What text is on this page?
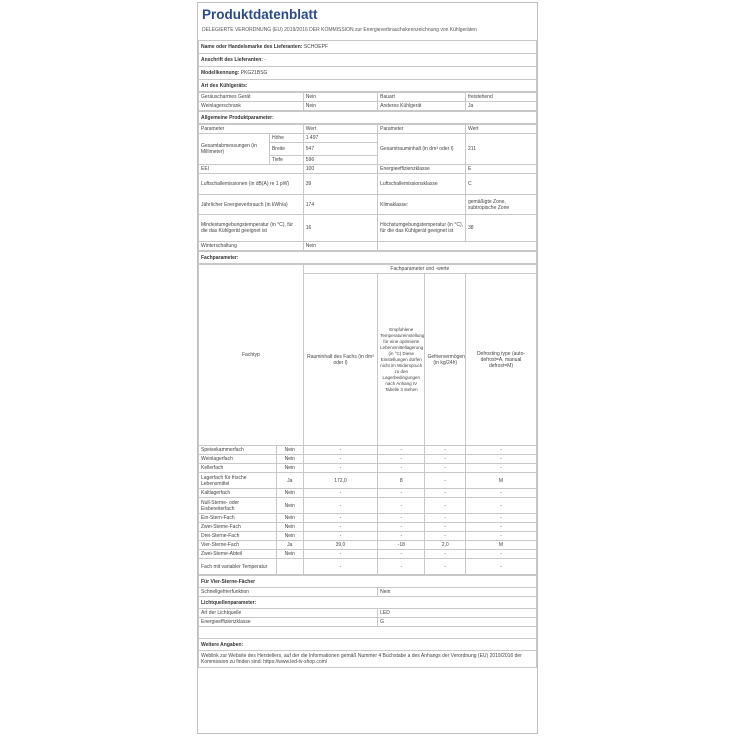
Produktdatenblatt
DELEGIERTE VERORDNUNG (EU) 2019/2016 DER KOMMISSION zur Energieverbrauchskennzeichnung von Kühlgeräten
Name oder Handelsmarke des Lieferanten: SCHOEPF
Anschrift des Lieferanten: -
Modellkennung: PKG21BSG
Art des Kühlgeräts:
Geräuscharmes Gerät	Nein	Bauart	freistehend
Weinlagerschrank	Nein	Anderes Kühlgerät	Ja
Allgemeine Produktparameter:
Parameter		Wert	Parameter	Wert
Gesamtabmessungen (in Millimeter)	Höhe	1 497	Gesamtrauminhalt (in dm³ oder l)	211
	Breite	547		
	Tiefe	596		
EEI		100	Energieeffizienzklasse	E
Luftschallemissionen (in dB(A) re 1 pW)		39	Luftschallemissionsklasse	C
Jährlicher Energieverbrauch (in kWh/a)		174	Klimaklasse:	gemäßigte Zone, subtropische Zone
Mindestumgebungstemperatur (in °C), für die das Kühlgerät geeignet ist		16	Höchstumgebungstemperatur (in °C), für die das Kühlgerät geeignet ist	38
Winterschaltung		Nein		
Fachparameter:
Fachtyp		Fachparameter und -werte			
		Rauminhalt des Fachs (in dm³ oder l)	Empfohlene Temperatureinstellung für eine optimierte Lebensmittellagerung (in °C) Diese Einstellungen dürfen nicht im Widerspruch zu den Lagerbedingungen nach Anhang IV Tabelle 3 stehen	Gefriervermögen (in kg/24h)	Defrosting type (auto-defrost=A, manual defrost=M)
Speisekammerfach	Nein	-	-	-	-
Weinlagerfach	Nein	-	-	-	-
Kellerfach	Nein	-	-	-	-
Lagerfach für frische Lebensmittel	Ja	172,0	8	-	M
Kaltlagerfach	Nein	-	-	-	-
Null-Sterne- oder Eisbereiterfach	Nein	-	-	-	-
Ein-Stern-Fach	Nein	-	-	-	-
Zwei-Sterne-Fach	Nein	-	-	-	-
Drei-Sterne-Fach	Nein	-	-	-	-
Vier-Sterne-Fach	Ja	39,0	-18	2,0	M
Zwei-Sterne-Abteil	Nein	-	-	-	-
Fach mit variabler Temperatur		-	-	-	-
Für Vier-Sterne-Fächer	
Schnellgefrierfunktion	Nein
Lichtquellenparameter:	
Art der Lichtquelle	LED
Energieeffizienzklasse	G

Weitere Angaben:	
Weblink zur Website des Herstellers, auf der die Informationen gemäß Nummer 4 Buchstabe a des Anhangs der Verordnung (EU) 2019/2016 der Kommission zu finden sind: https://www.led-tv-shop.com/	
